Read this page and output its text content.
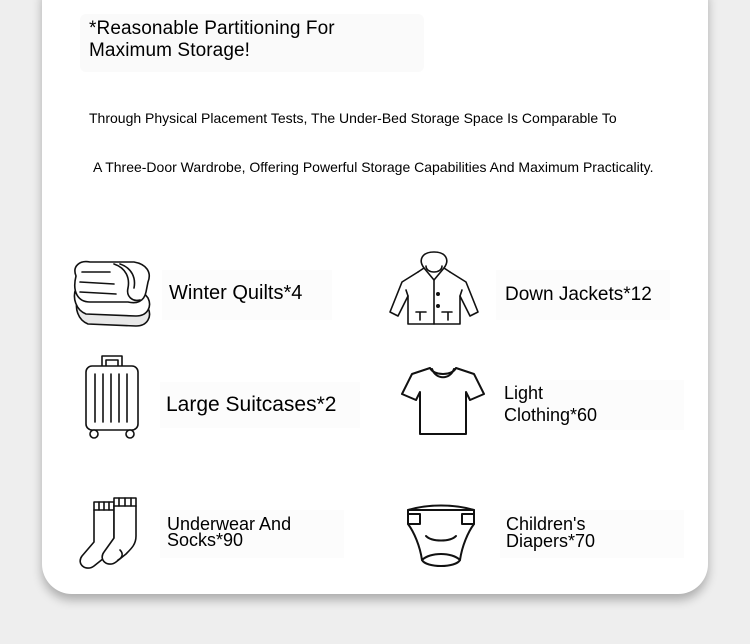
*Reasonable Partitioning For
Maximum Storage!

Through Physical Placement Tests, The Under-Bed Storage Space Is Comparable To

A Three-Door Wardrobe, Offering Powerful Storage Capabilities And Maximum Practicality.

Winter Quilts*4	Down Jackets*12
Large Suitcases*2	Light
Clothing*60
Underwear And
Socks*90
Children's
Diapers*70
